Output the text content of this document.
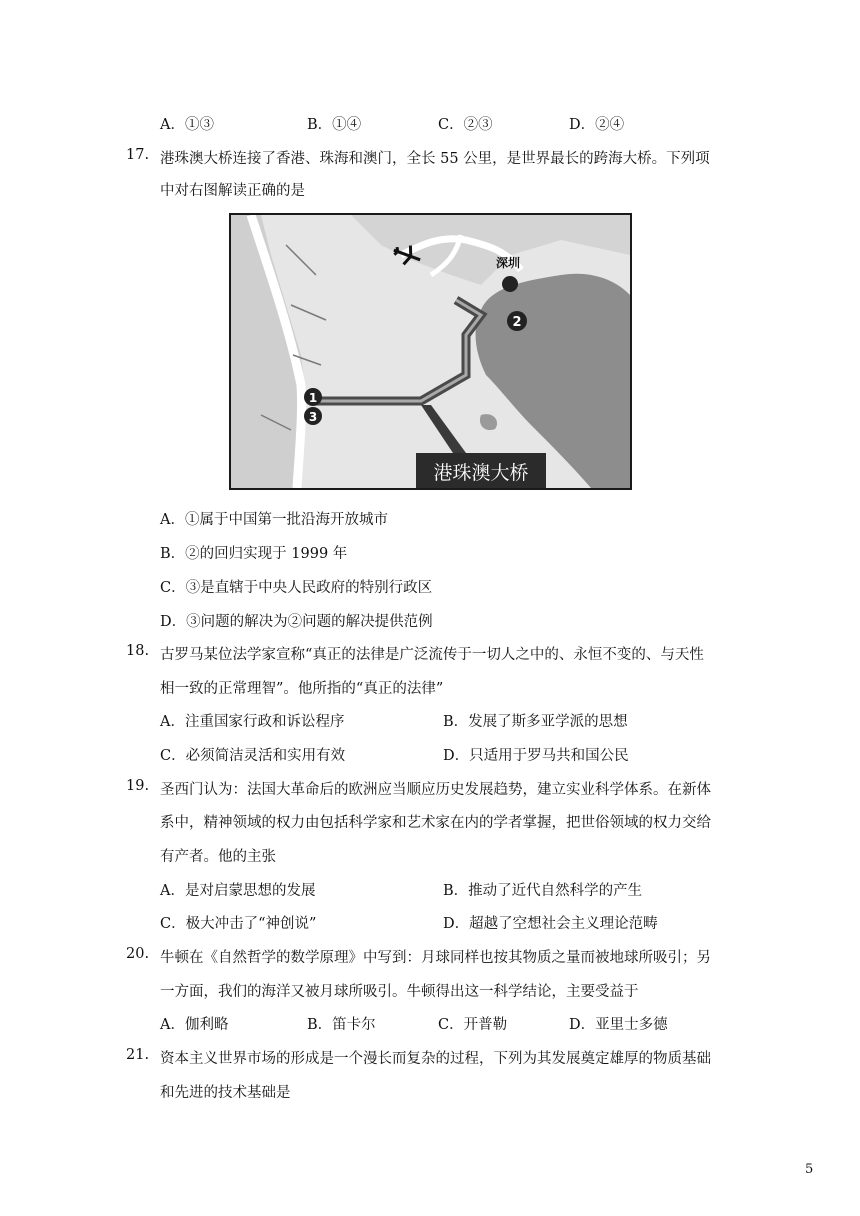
A．①③	B．①④	C．②③	D．②④
17. 港珠澳大桥连接了香港、珠海和澳门，全长 55 公里，是世界最长的跨海大桥。下列项
中对右图解读正确的是
港珠澳大桥
深圳
2
1
3
A．①属于中国第一批沿海开放城市
B．②的回归实现于 1999 年
C．③是直辖于中央人民政府的特别行政区
D．③问题的解决为②问题的解决提供范例
18. 古罗马某位法学家宣称“真正的法律是广泛流传于一切人之中的、永恒不变的、与天性
相一致的正常理智”。他所指的“真正的法律”
A．注重国家行政和诉讼程序	B．发展了斯多亚学派的思想
C．必须简洁灵活和实用有效	D．只适用于罗马共和国公民
19. 圣西门认为：法国大革命后的欧洲应当顺应历史发展趋势，建立实业科学体系。在新体
系中，精神领域的权力由包括科学家和艺术家在内的学者掌握，把世俗领域的权力交给
有产者。他的主张
A．是对启蒙思想的发展	B．推动了近代自然科学的产生
C．极大冲击了“神创说”	D．超越了空想社会主义理论范畴
20. 牛顿在《自然哲学的数学原理》中写到：月球同样也按其物质之量而被地球所吸引；另
一方面，我们的海洋又被月球所吸引。牛顿得出这一科学结论，主要受益于
A．伽利略	B．笛卡尔	C．开普勒	D．亚里士多德
21. 资本主义世界市场的形成是一个漫长而复杂的过程，下列为其发展奠定雄厚的物质基础
和先进的技术基础是
5
